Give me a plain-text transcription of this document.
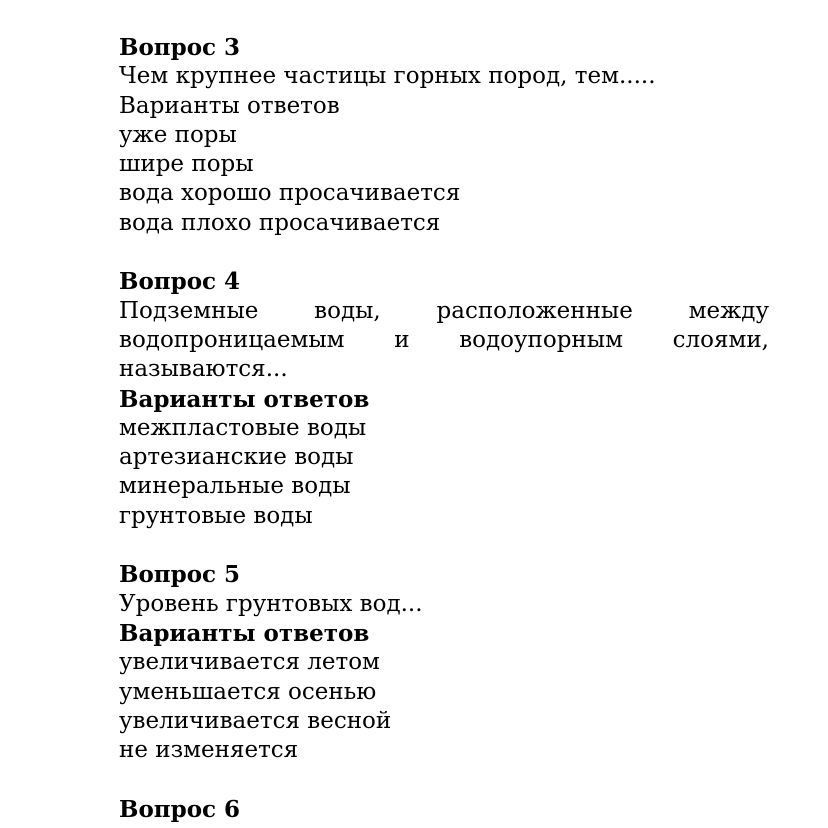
Вопрос 3
Чем крупнее частицы горных пород, тем.....
Варианты ответов
уже поры
шире поры
вода хорошо просачивается
вода плохо просачивается
Вопрос 4
Подземные воды, расположенные между
водопроницаемым и водоупорным слоями,
называются...
Варианты ответов
межпластовые воды
артезианские воды
минеральные воды
грунтовые воды
Вопрос 5
Уровень грунтовых вод...
Варианты ответов
увеличивается летом
уменьшается осенью
увеличивается весной
не изменяется
Вопрос 6
